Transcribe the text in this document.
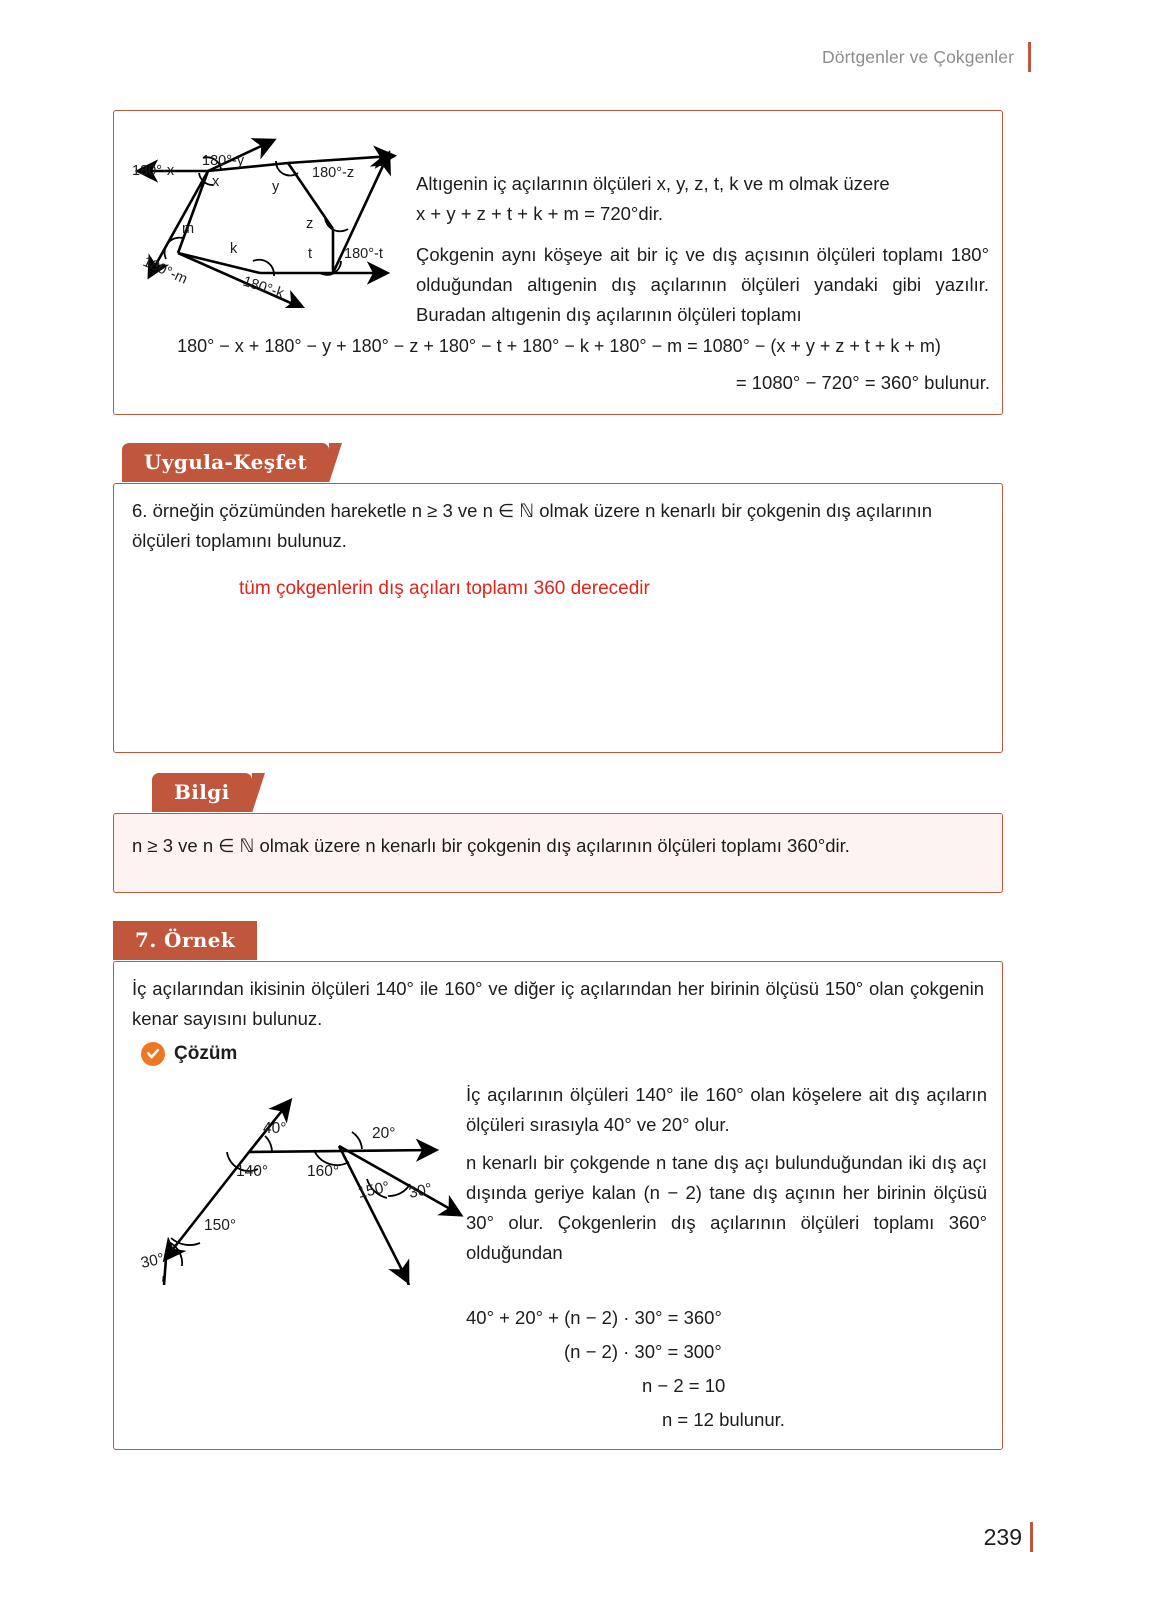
Dörtgenler ve Çokgenler
180°-y
180°-x
x	y
180°-z
z
180°-t
t
k
m
180°-m	180°-k
Altıgenin iç açılarının ölçüleri x, y, z, t, k ve m olmak üzere
x + y + z + t + k + m = 720°dir.
Çokgenin aynı köşeye ait bir iç ve dış açısının ölçüleri toplamı 180° olduğundan altıgenin dış açılarının ölçüleri yandaki gibi yazılır. Buradan altıgenin dış açılarının ölçüleri toplamı
180° − x + 180° − y + 180° − z + 180° − t + 180° − k + 180° − m = 1080° − (x + y + z + t + k + m)
= 1080° − 720° = 360° bulunur.
Uygula-Keşfet
6. örneğin çözümünden hareketle n ≥ 3 ve n ∈ ℕ olmak üzere n kenarlı bir çokgenin dış açılarının ölçüleri toplamını bulunuz.
tüm çokgenlerin dış açıları toplamı 360 derecedir
Bilgi
n ≥ 3 ve n ∈ ℕ olmak üzere n kenarlı bir çokgenin dış açılarının ölçüleri toplamı 360°dir.
7. Örnek
İç açılarından ikisinin ölçüleri 140° ile 160° ve diğer iç açılarından her birinin ölçüsü 150° olan çokgenin kenar sayısını bulunuz.
Çözüm
40°
140°	160°
20°
150° 30°
150°
30°
İç açılarının ölçüleri 140° ile 160° olan köşelere ait dış açıların ölçüleri sırasıyla 40° ve 20° olur.
n kenarlı bir çokgende n tane dış açı bulunduğundan iki dış açı dışında geriye kalan (n − 2) tane dış açının her birinin ölçüsü 30° olur. Çokgenlerin dış açılarının ölçüleri toplamı 360° olduğundan
40° + 20° + (n − 2) · 30° = 360°
(n − 2) · 30° = 300°
n − 2 = 10
n = 12 bulunur.
239
